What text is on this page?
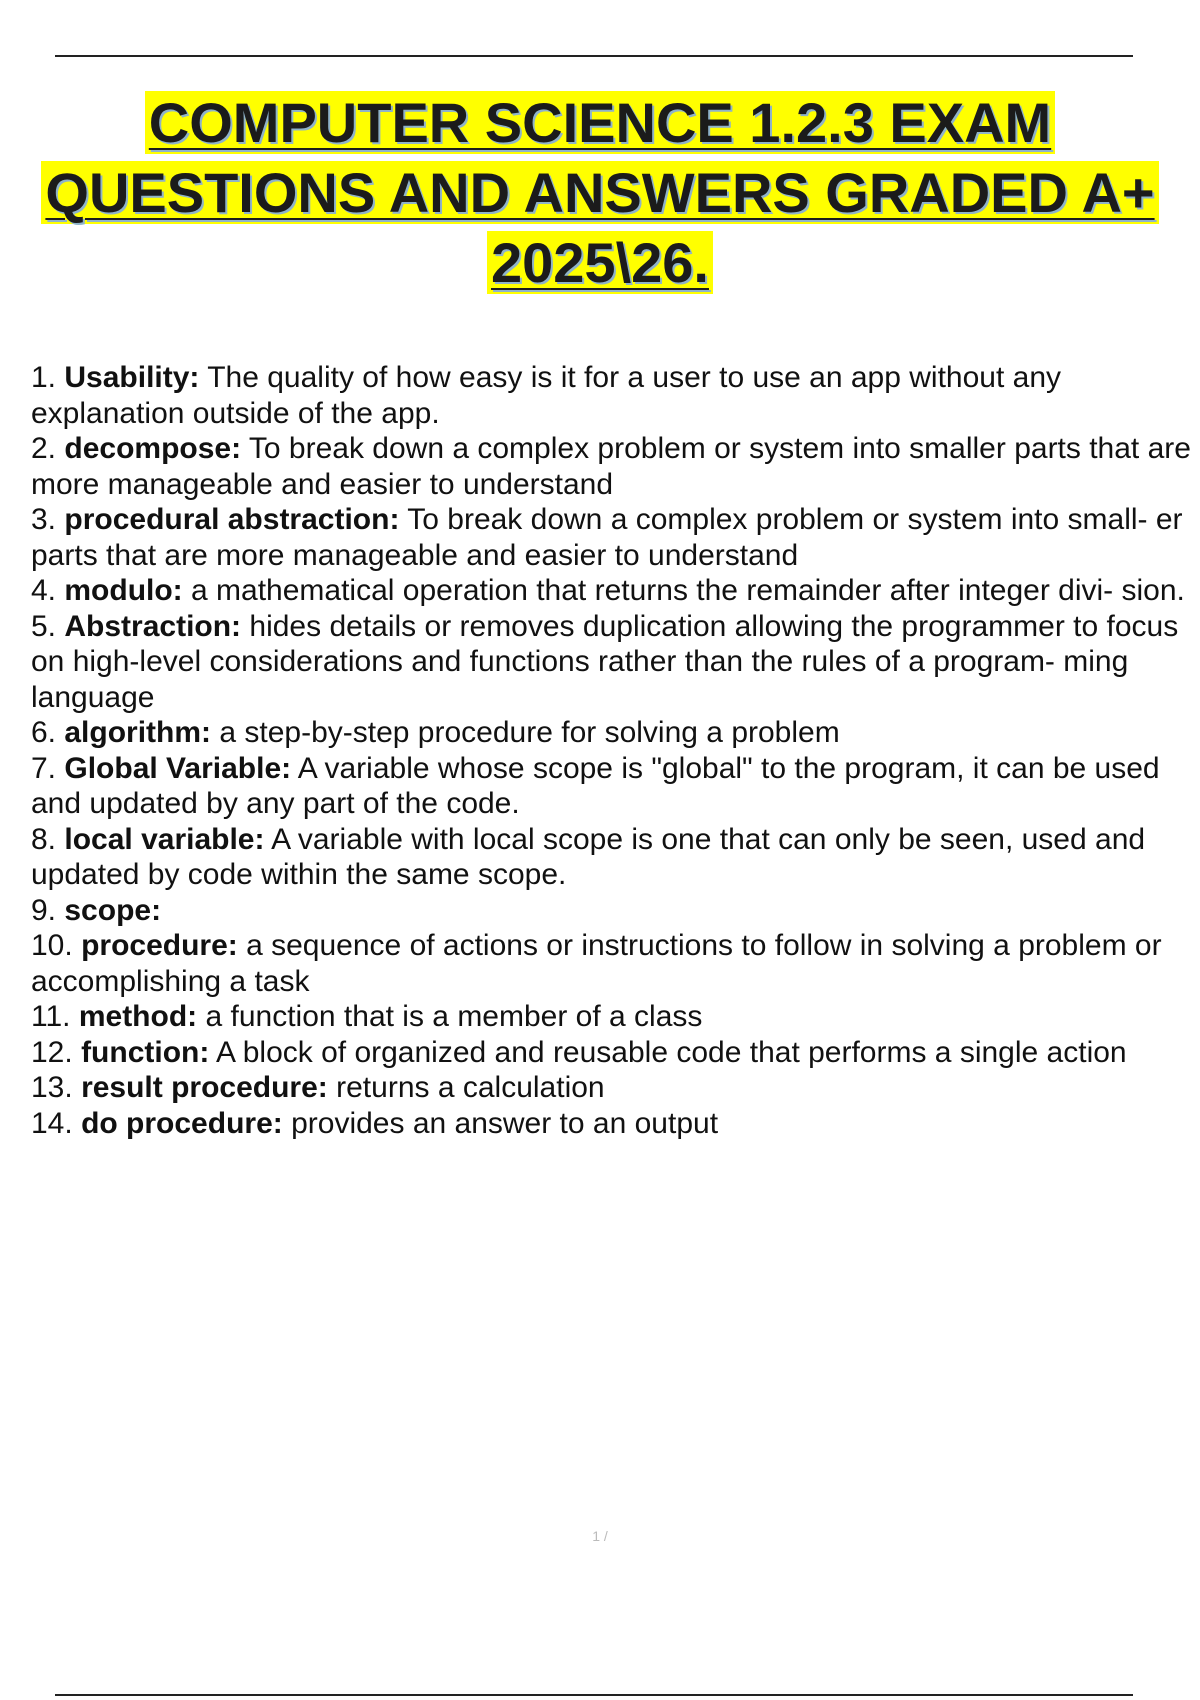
COMPUTER SCIENCE 1.2.3 EXAM
QUESTIONS AND ANSWERS GRADED A+
2025\26.
1. Usability: The quality of how easy is it for a user to use an app without any explanation outside of the app.
2. decompose: To break down a complex problem or system into smaller parts that are more manageable and easier to understand
3. procedural abstraction: To break down a complex problem or system into small- er parts that are more manageable and easier to understand
4. modulo: a mathematical operation that returns the remainder after integer divi- sion.
5. Abstraction: hides details or removes duplication allowing the programmer to focus on high-level considerations and functions rather than the rules of a program- ming language
6. algorithm: a step-by-step procedure for solving a problem
7. Global Variable: A variable whose scope is "global" to the program, it can be used and updated by any part of the code.
8. local variable: A variable with local scope is one that can only be seen, used and updated by code within the same scope.
9. scope:
10. procedure: a sequence of actions or instructions to follow in solving a problem or accomplishing a task
11. method: a function that is a member of a class
12. function: A block of organized and reusable code that performs a single action
13. result procedure: returns a calculation
14. do procedure: provides an answer to an output
1 /
